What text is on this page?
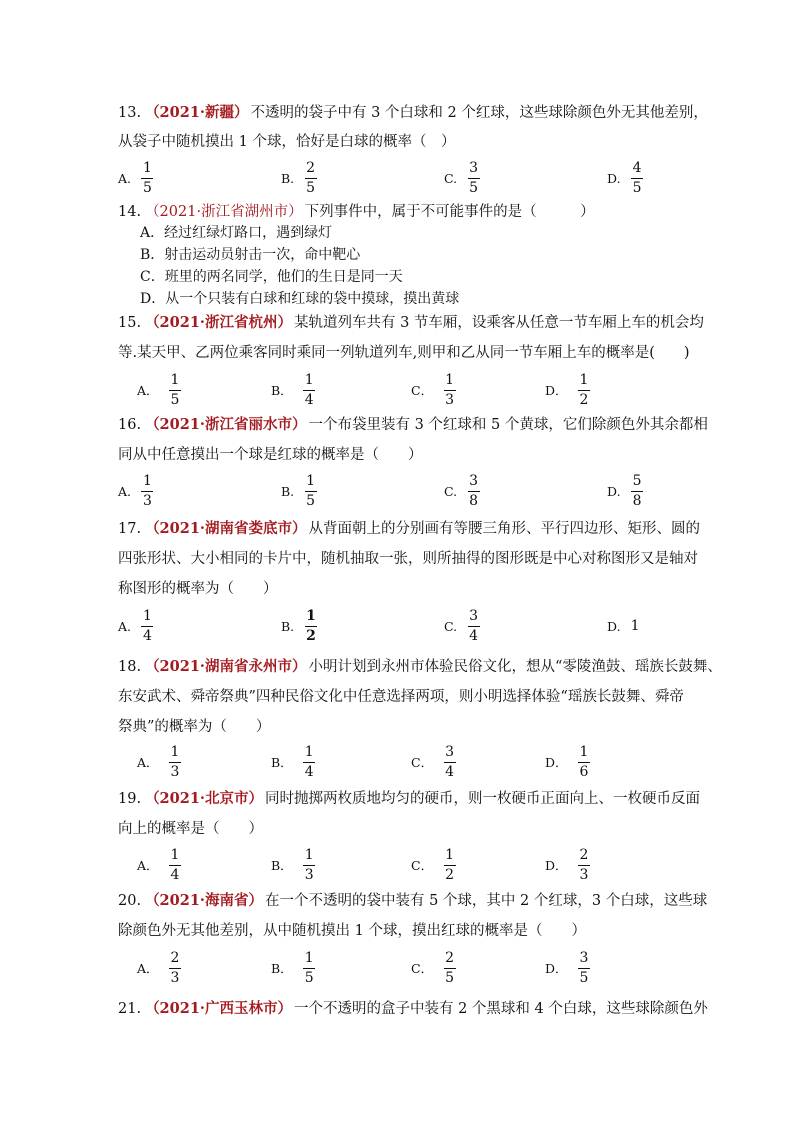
13. （2021·新疆） 不透明的袋子中有 3 个白球和 2 个红球，这些球除颜色外无其他差别，
从袋子中随机摸出 1 个球，恰好是白球的概率（　）
A. $\frac{1}{5}$	B. $\frac{2}{5}$	C. $\frac{3}{5}$	D. $\frac{4}{5}$
14. （2021·浙江省湖州市） 下列事件中，属于不可能事件的是（　　　）
A．经过红绿灯路口，遇到绿灯
B．射击运动员射击一次，命中靶心
C．班里的两名同学，他们的生日是同一天
D．从一个只装有白球和红球的袋中摸球，摸出黄球
15. （2021·浙江省杭州） 某轨道列车共有 3 节车厢，设乘客从任意一节车厢上车的机会均
等.某天甲、乙两位乘客同时乘同一列轨道列车,则甲和乙从同一节车厢上车的概率是(　　)
A． $\frac{1}{5}$	B． $\frac{1}{4}$	C． $\frac{1}{3}$	D． $\frac{1}{2}$
16. （2021·浙江省丽水市） 一个布袋里装有 3 个红球和 5 个黄球，它们除颜色外其余都相
同从中任意摸出一个球是红球的概率是（　　）
A. $\frac{1}{3}$	B. $\frac{1}{5}$	C. $\frac{3}{8}$	D. $\frac{5}{8}$
17. （2021·湖南省娄底市） 从背面朝上的分别画有等腰三角形、平行四边形、矩形、圆的
四张形状、大小相同的卡片中，随机抽取一张，则所抽得的图形既是中心对称图形又是轴对
称图形的概率为（　　）
A. $\frac{1}{4}$	B. $\frac{1}{2}$	C. $\frac{3}{4}$	D. 1
18. （2021·湖南省永州市） 小明计划到永州市体验民俗文化，想从“零陵渔鼓、瑶族长鼓舞、
东安武术、舜帝祭典”四种民俗文化中任意选择两项，则小明选择体验“瑶族长鼓舞、舜帝
祭典”的概率为（　　）
A． $\frac{1}{3}$	B． $\frac{1}{4}$	C． $\frac{3}{4}$	D． $\frac{1}{6}$
19. （2021·北京市） 同时抛掷两枚质地均匀的硬币，则一枚硬币正面向上、一枚硬币反面
向上的概率是（　　）
A． $\frac{1}{4}$	B． $\frac{1}{3}$	C． $\frac{1}{2}$	D． $\frac{2}{3}$
20. （2021·海南省） 在一个不透明的袋中装有 5 个球，其中 2 个红球，3 个白球，这些球
除颜色外无其他差别，从中随机摸出 1 个球，摸出红球的概率是（　　）
A． $\frac{2}{3}$	B． $\frac{1}{5}$	C． $\frac{2}{5}$	D． $\frac{3}{5}$
21. （2021·广西玉林市） 一个不透明的盒子中装有 2 个黑球和 4 个白球，这些球除颜色外
